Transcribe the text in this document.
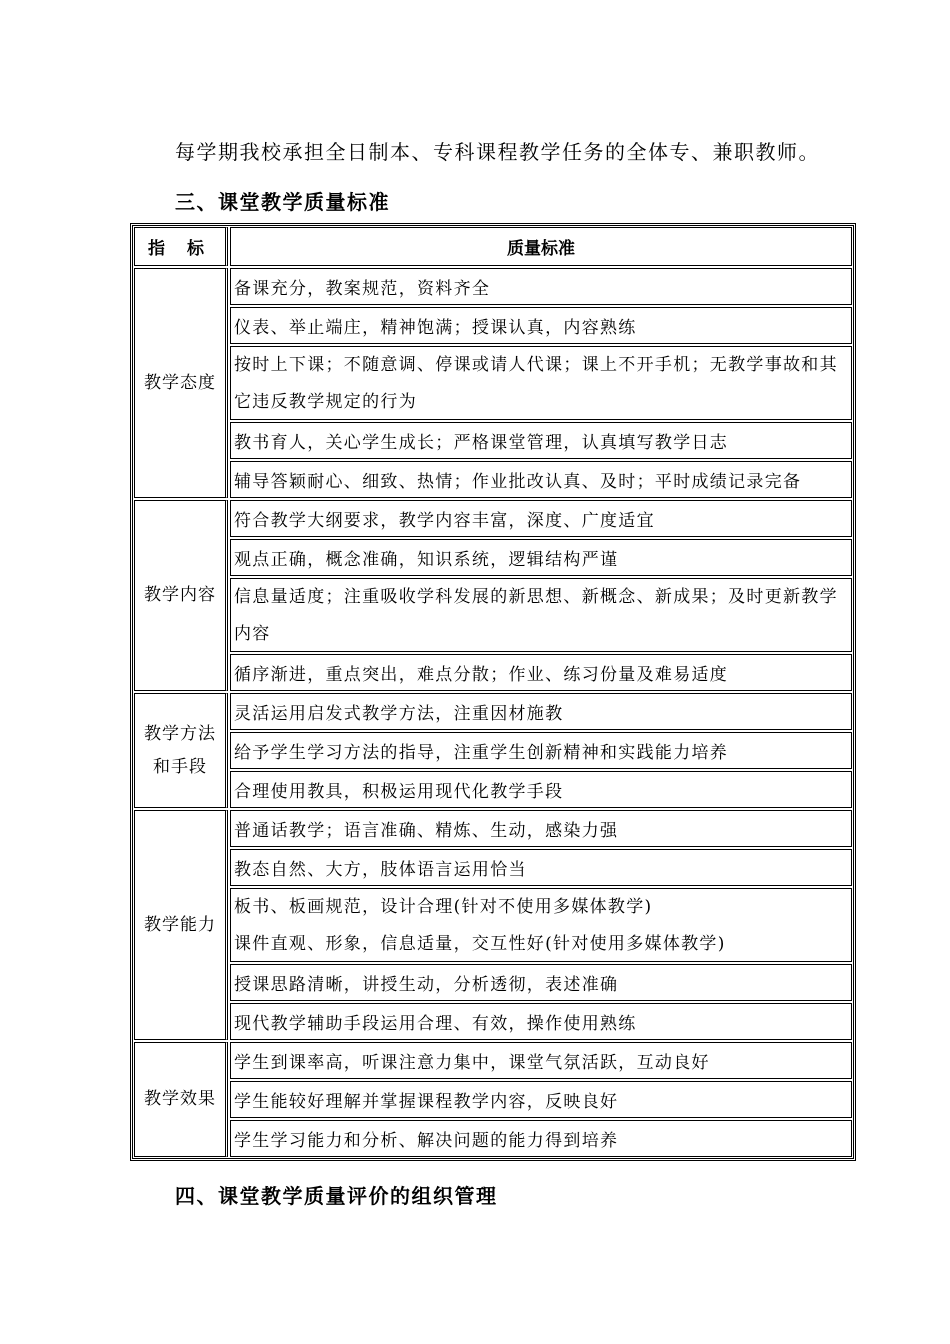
每学期我校承担全日制本、专科课程教学任务的全体专、兼职教师。
三、课堂教学质量标准
指 标	质量标准
教学态度
备课充分，教案规范，资料齐全
仪表、举止端庄，精神饱满；授课认真，内容熟练
按时上下课；不随意调、停课或请人代课；课上不开手机；无教学事故和其它违反教学规定的行为
教书育人，关心学生成长；严格课堂管理，认真填写教学日志
辅导答颖耐心、细致、热情；作业批改认真、及时；平时成绩记录完备
教学内容
符合教学大纲要求，教学内容丰富，深度、广度适宜
观点正确，概念准确，知识系统，逻辑结构严谨
信息量适度；注重吸收学科发展的新思想、新概念、新成果；及时更新教学内容
循序渐进，重点突出，难点分散；作业、练习份量及难易适度
教学方法
和手段
灵活运用启发式教学方法，注重因材施教
给予学生学习方法的指导，注重学生创新精神和实践能力培养
合理使用教具，积极运用现代化教学手段
教学能力
普通话教学；语言准确、精炼、生动，感染力强
教态自然、大方，肢体语言运用恰当
板书、板画规范，设计合理(针对不使用多媒体教学)
课件直观、形象，信息适量，交互性好(针对使用多媒体教学)
授课思路清晰，讲授生动，分析透彻，表述准确
现代教学辅助手段运用合理、有效，操作使用熟练
教学效果
学生到课率高，听课注意力集中，课堂气氛活跃，互动良好
学生能较好理解并掌握课程教学内容，反映良好
学生学习能力和分析、解决问题的能力得到培养
四、课堂教学质量评价的组织管理
